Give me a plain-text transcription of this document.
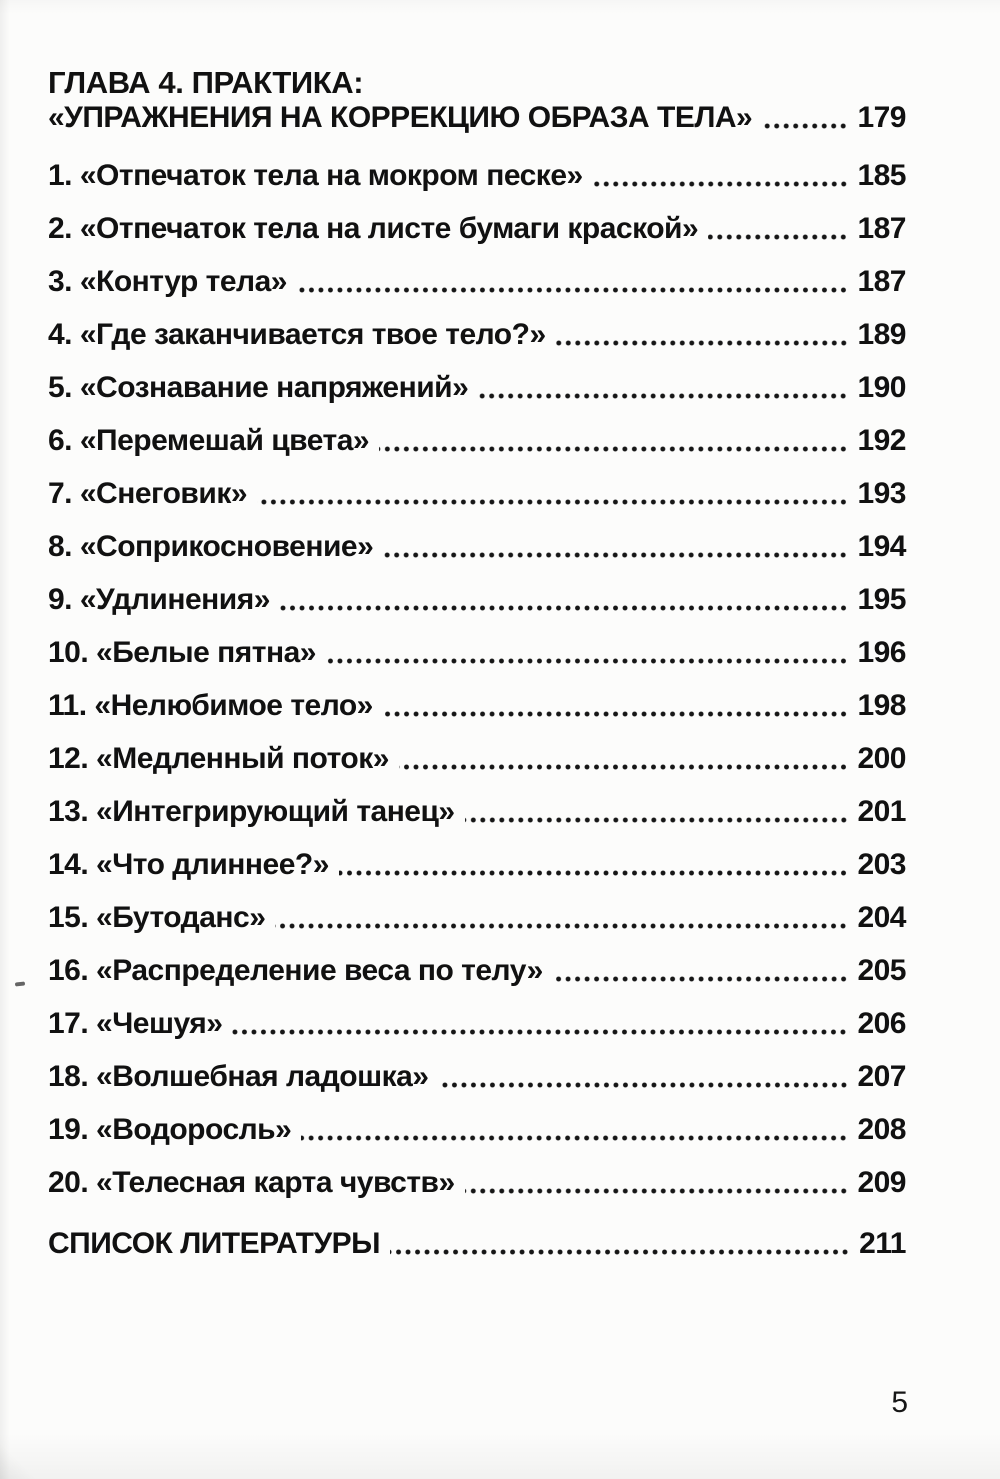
ГЛАВА 4. ПРАКТИКА:
«УПРАЖНЕНИЯ НА КОРРЕКЦИЮ ОБРАЗА ТЕЛА»	179
1. «Отпечаток тела на мокром песке»	185
2. «Отпечаток тела на листе бумаги краской»	187
3. «Контур тела»	187
4. «Где заканчивается твое тело?»	189
5. «Сознавание напряжений»	190
6. «Перемешай цвета»	192
7. «Снеговик»	193
8. «Соприкосновение»	194
9. «Удлинения»	195
10. «Белые пятна»	196
11. «Нелюбимое тело»	198
12. «Медленный поток»	200
13. «Интегрирующий танец»	201
14. «Что длиннее?»	203
15. «Бутоданс»	204
16. «Распределение веса по телу»	205
17. «Чешуя»	206
18. «Волшебная ладошка»	207
19. «Водоросль»	208
20. «Телесная карта чувств»	209
СПИСОК ЛИТЕРАТУРЫ	211
5
